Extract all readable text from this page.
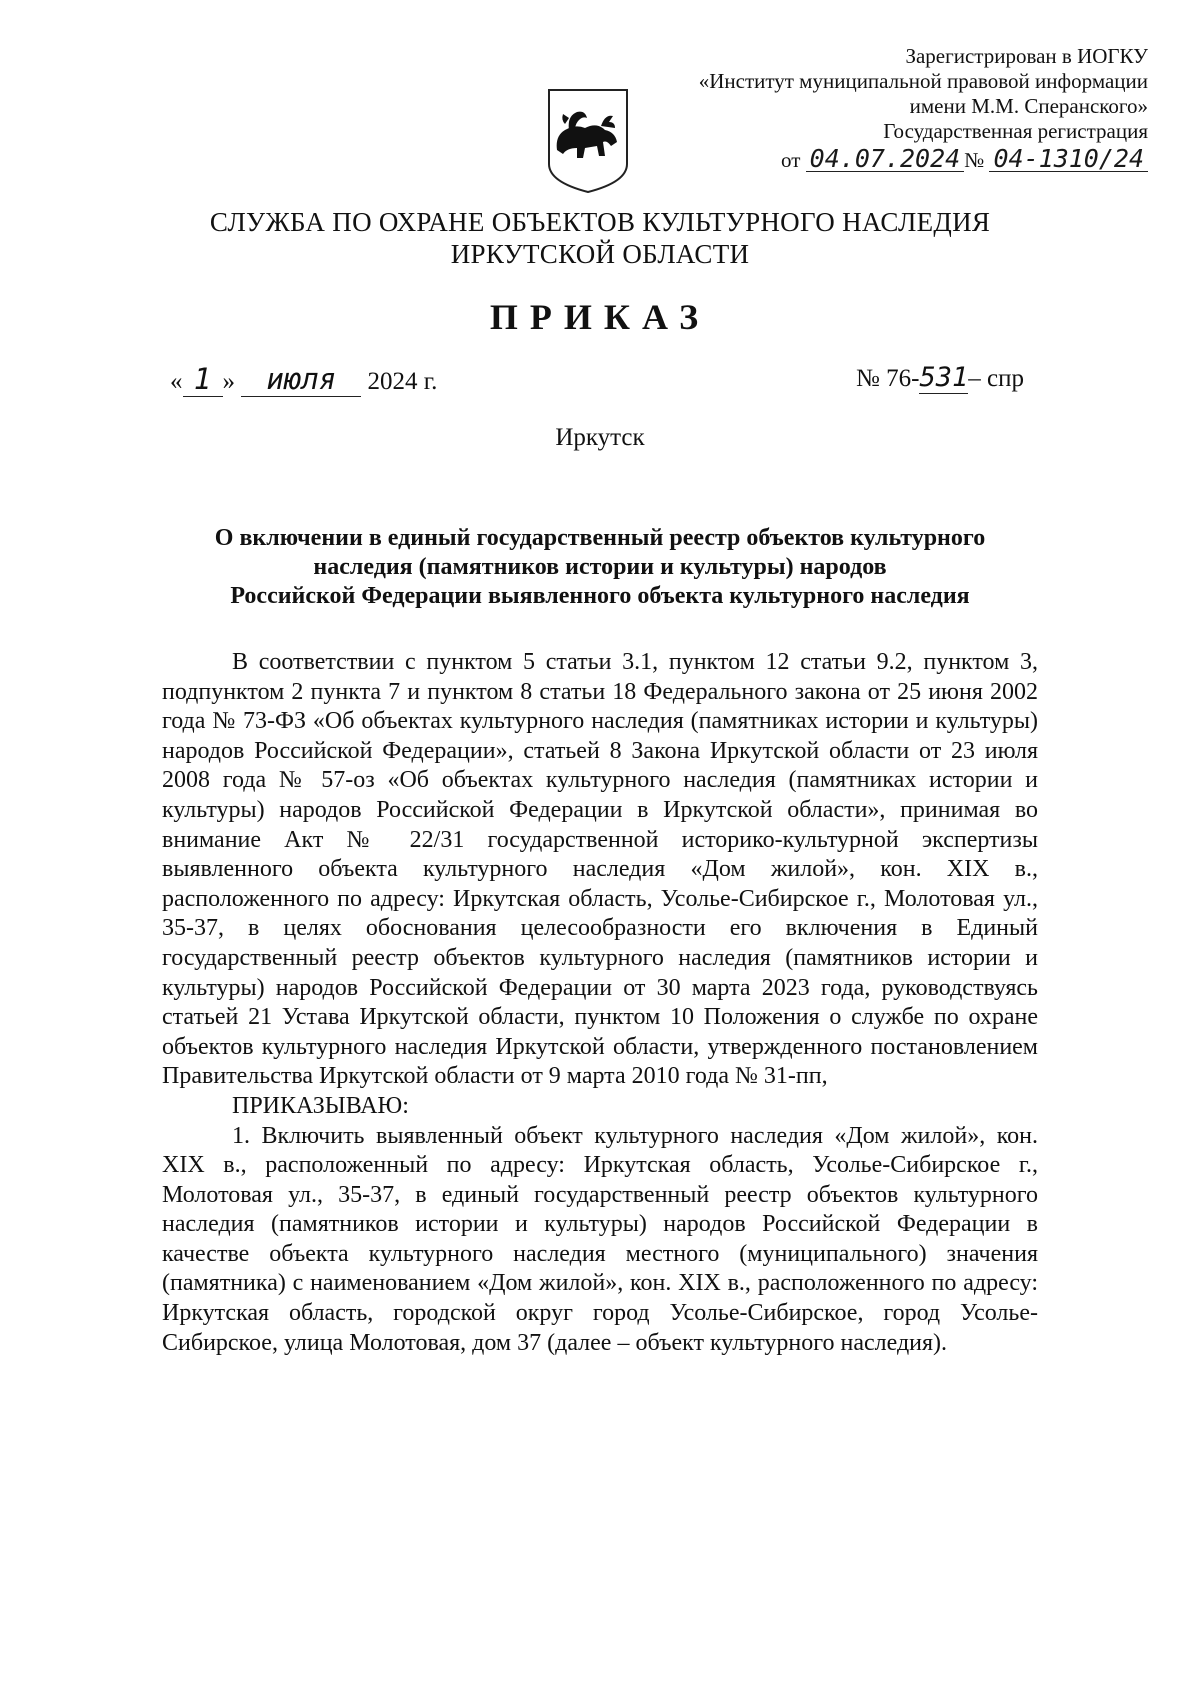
Зарегистрирован в ИОГКУ
«Институт муниципальной правовой информации
имени М.М. Сперанского»
Государственная регистрация
от 04.07.2024 № 04-1310/24
СЛУЖБА ПО ОХРАНЕ ОБЪЕКТОВ КУЛЬТУРНОГО НАСЛЕДИЯ
ИРКУТСКОЙ ОБЛАСТИ
ПРИКАЗ
« 1 » июля 2024 г.	№ 76-531– спр
Иркутск
О включении в единый государственный реестр объектов культурного
наследия (памятников истории и культуры) народов
Российской Федерации выявленного объекта культурного наследия

В соответствии с пунктом 5 статьи 3.1, пунктом 12 статьи 9.2, пунктом 3, подпунктом 2 пункта 7 и пунктом 8 статьи 18 Федерального закона от 25 июня 2002 года № 73-ФЗ «Об объектах культурного наследия (памятниках истории и культуры) народов Российской Федерации», статьей 8 Закона Иркутской области от 23 июля 2008 года № 57-оз «Об объектах культурного наследия (памятниках истории и культуры) народов Российской Федерации в Иркутской области», принимая во внимание Акт № 22/31 государственной историко-культурной экспертизы выявленного объекта культурного наследия «Дом жилой», кон. XIX в., расположенного по адресу: Иркутская область, Усолье-Сибирское г., Молотовая ул., 35-37, в целях обоснования целесообразности его включения в Единый государственный реестр объектов культурного наследия (памятников истории и культуры) народов Российской Федерации от 30 марта 2023 года, руководствуясь статьей 21 Устава Иркутской области, пунктом 10 Положения о службе по охране объектов культурного наследия Иркутской области, утвержденного постановлением Правительства Иркутской области от 9 марта 2010 года № 31-пп,

ПРИКАЗЫВАЮ:

1. Включить выявленный объект культурного наследия «Дом жилой», кон. XIX в., расположенный по адресу: Иркутская область, Усолье-Сибирское г., Молотовая ул., 35-37, в единый государственный реестр объектов культурного наследия (памятников истории и культуры) народов Российской Федерации в качестве объекта культурного наследия местного (муниципального) значения (памятника) с наименованием «Дом жилой», кон. XIX в., расположенного по адресу: Иркутская область, городской округ город Усолье-Сибирское, город Усолье-Сибирское, улица Молотовая, дом 37 (далее – объект культурного наследия).
